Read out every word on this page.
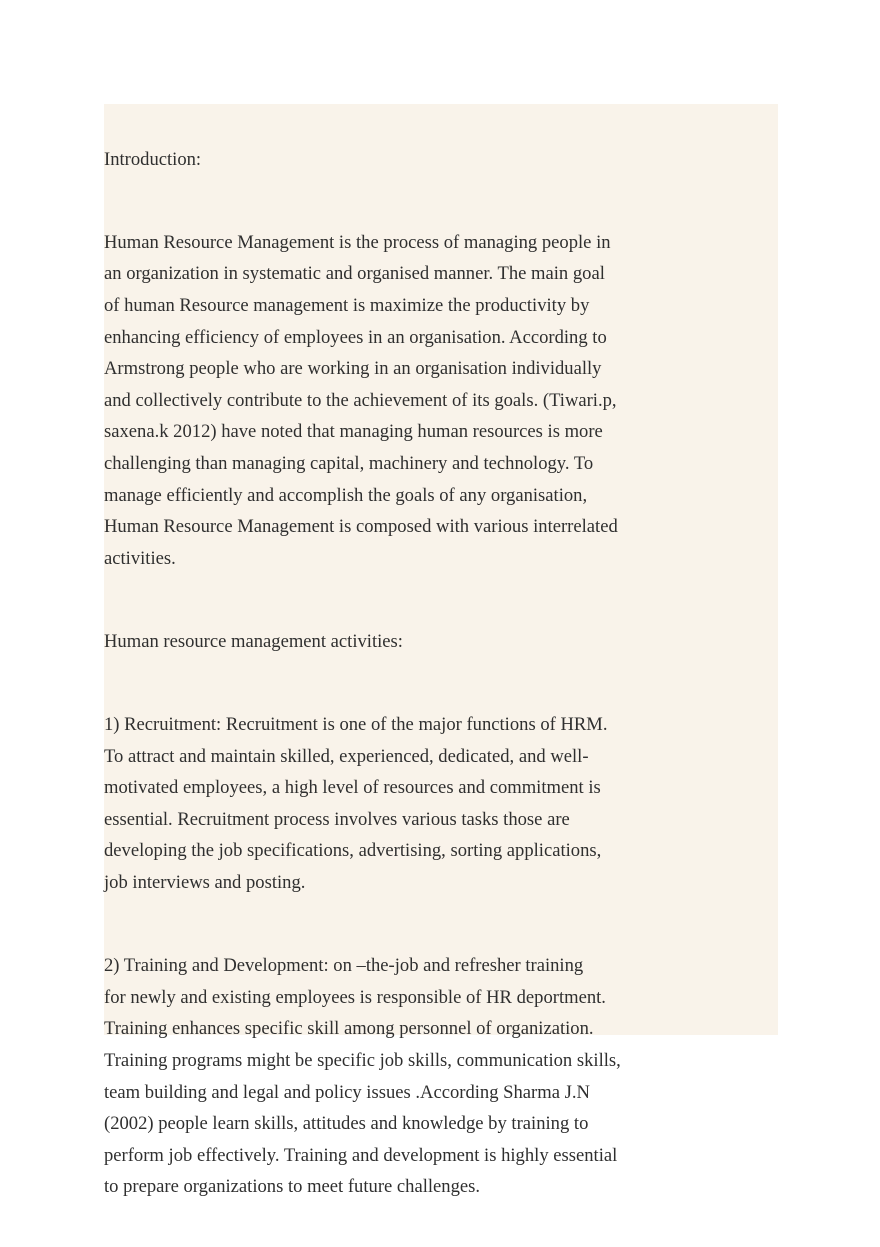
Introduction:

Human Resource Management is the process of managing people in
an organization in systematic and organised manner. The main goal
of human Resource management is maximize the productivity by
enhancing efficiency of employees in an organisation. According to
Armstrong people who are working in an organisation individually
and collectively contribute to the achievement of its goals. (Tiwari.p,
saxena.k 2012) have noted that managing human resources is more
challenging than managing capital, machinery and technology. To
manage efficiently and accomplish the goals of any organisation,
Human Resource Management is composed with various interrelated
activities.

Human resource management activities:

1) Recruitment: Recruitment is one of the major functions of HRM.
To attract and maintain skilled, experienced, dedicated, and well-
motivated employees, a high level of resources and commitment is
essential. Recruitment process involves various tasks those are
developing the job specifications, advertising, sorting applications,
job interviews and posting.

2) Training and Development: on –the-job and refresher training
for newly and existing employees is responsible of HR deportment.
Training enhances specific skill among personnel of organization.
Training programs might be specific job skills, communication skills,
team building and legal and policy issues .According Sharma J.N
(2002) people learn skills, attitudes and knowledge by training to
perform job effectively. Training and development is highly essential
to prepare organizations to meet future challenges.
